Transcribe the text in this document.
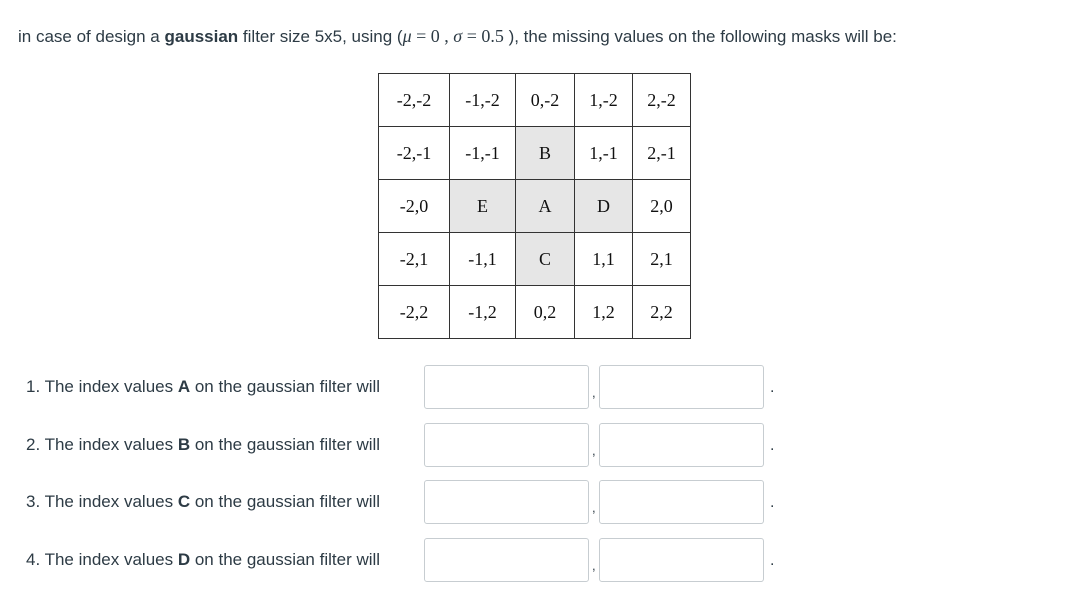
in case of design a gaussian filter size 5x5, using (μ = 0 , σ = 0.5 ), the missing values on the following masks will be:
-2,-2	-1,-2	0,-2	1,-2	2,-2
-2,-1	-1,-1	B	1,-1	2,-1
-2,0	E	A	D	2,0
-2,1	-1,1	C	1,1	2,1
-2,2	-1,2	0,2	1,2	2,2
1. The index values A on the gaussian filter will	,	.
2. The index values B on the gaussian filter will	,	.
3. The index values C on the gaussian filter will	,	.
4. The index values D on the gaussian filter will	,	.
